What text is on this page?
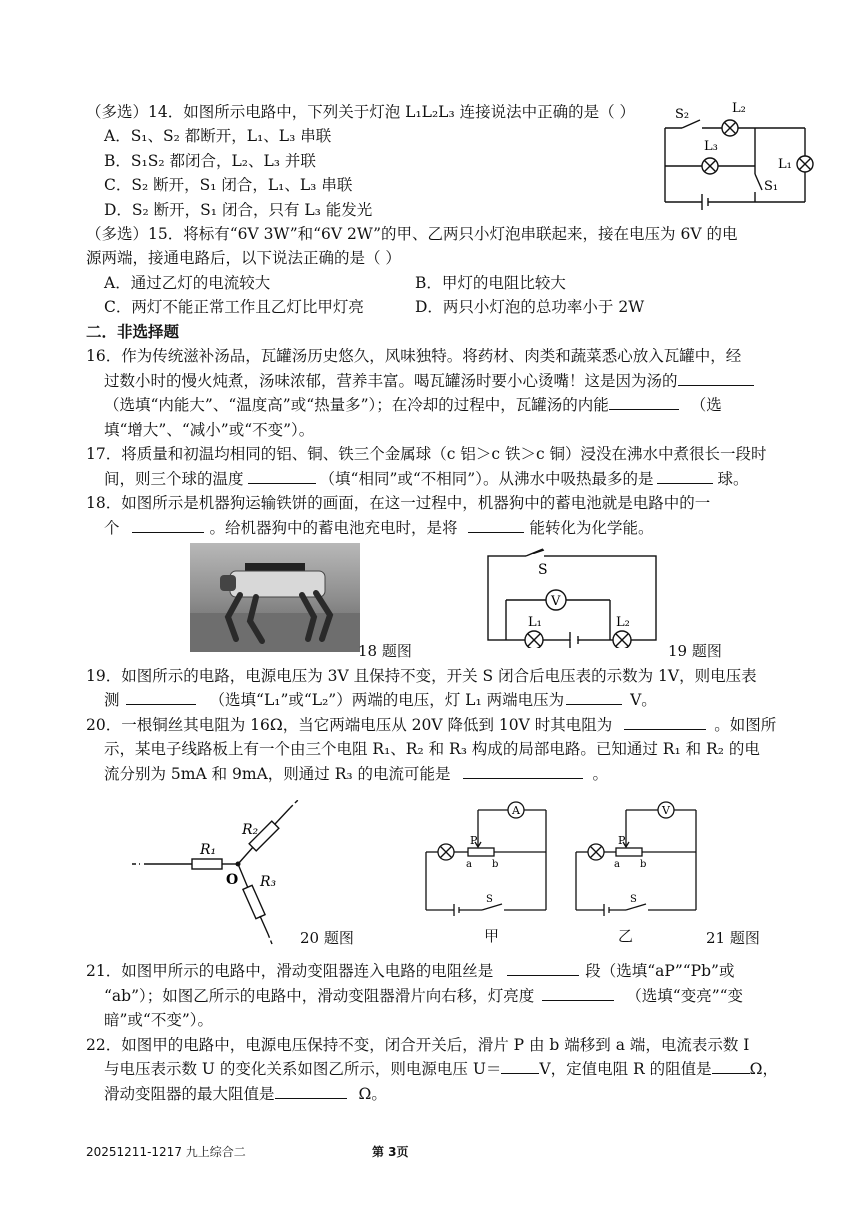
（多选）14．如图所示电路中，下列关于灯泡 L₁L₂L₃ 连接说法中正确的是（ ）
A．S₁、S₂ 都断开，L₁、L₃ 串联
B．S₁S₂ 都闭合，L₂、L₃ 并联
C．S₂ 断开，S₁ 闭合，L₁、L₃ 串联
D．S₂ 断开，S₁ 闭合，只有 L₃ 能发光
S₂	L₂
L₃
L₁
S₁
（多选）15．将标有“6V 3W”和“6V 2W”的甲、乙两只小灯泡串联起来，接在电压为 6V 的电
源两端，接通电路后，以下说法正确的是（ ）
A．通过乙灯的电流较大	B．甲灯的电阻比较大
C．两灯不能正常工作且乙灯比甲灯亮	D．两只小灯泡的总功率小于 2W
二．非选择题
16．作为传统滋补汤品，瓦罐汤历史悠久，风味独特。将药材、肉类和蔬菜悉心放入瓦罐中，经
过数小时的慢火炖煮，汤味浓郁，营养丰富。喝瓦罐汤时要小心烫嘴！这是因为汤的
（选填“内能大”、“温度高”或“热量多”）；在冷却的过程中，瓦罐汤的内能	（选
填“增大”、“减小”或“不变”）。
17．将质量和初温均相同的铝、铜、铁三个金属球（c 铝＞c 铁＞c 铜）浸没在沸水中煮很长一段时
间，则三个球的温度	（填“相同”或“不相同”）。从沸水中吸热最多的是	球。
18．如图所示是机器狗运输铁饼的画面，在这一过程中，机器狗中的蓄电池就是电路中的一
个	。给机器狗中的蓄电池充电时，是将	能转化为化学能。
18 题图
S
V
L₁	L₂
19 题图
19．如图所示的电路，电源电压为 3V 且保持不变，开关 S 闭合后电压表的示数为 1V，则电压表
测	（选填“L₁”或“L₂”）两端的电压，灯 L₁ 两端电压为	V。
20．一根铜丝其电阻为 16Ω，当它两端电压从 20V 降低到 10V 时其电阻为	。如图所
示，某电子线路板上有一个由三个电阻 R₁、R₂ 和 R₃ 构成的局部电路。已知通过 R₁ 和 R₂ 的电
流分别为 5mA 和 9mA，则通过 R₃ 的电流可能是	。
R₁
R₂
R₃
O
20 题图
A
P
a b
S
甲
V
P
a b
S
乙	21 题图
21．如图甲所示的电路中，滑动变阻器连入电路的电阻丝是	段（选填“aP”“Pb”或
“ab”）；如图乙所示的电路中，滑动变阻器滑片向右移，灯亮度	（选填“变亮”“变
暗”或“不变”）。
22．如图甲的电路中，电源电压保持不变，闭合开关后，滑片 P 由 b 端移到 a 端，电流表示数 I
与电压表示数 U 的变化关系如图乙所示，则电源电压 U＝ V，定值电阻 R 的阻值是 Ω，
滑动变阻器的最大阻值是	Ω。
20251211-1217 九上综合二	第 3页
